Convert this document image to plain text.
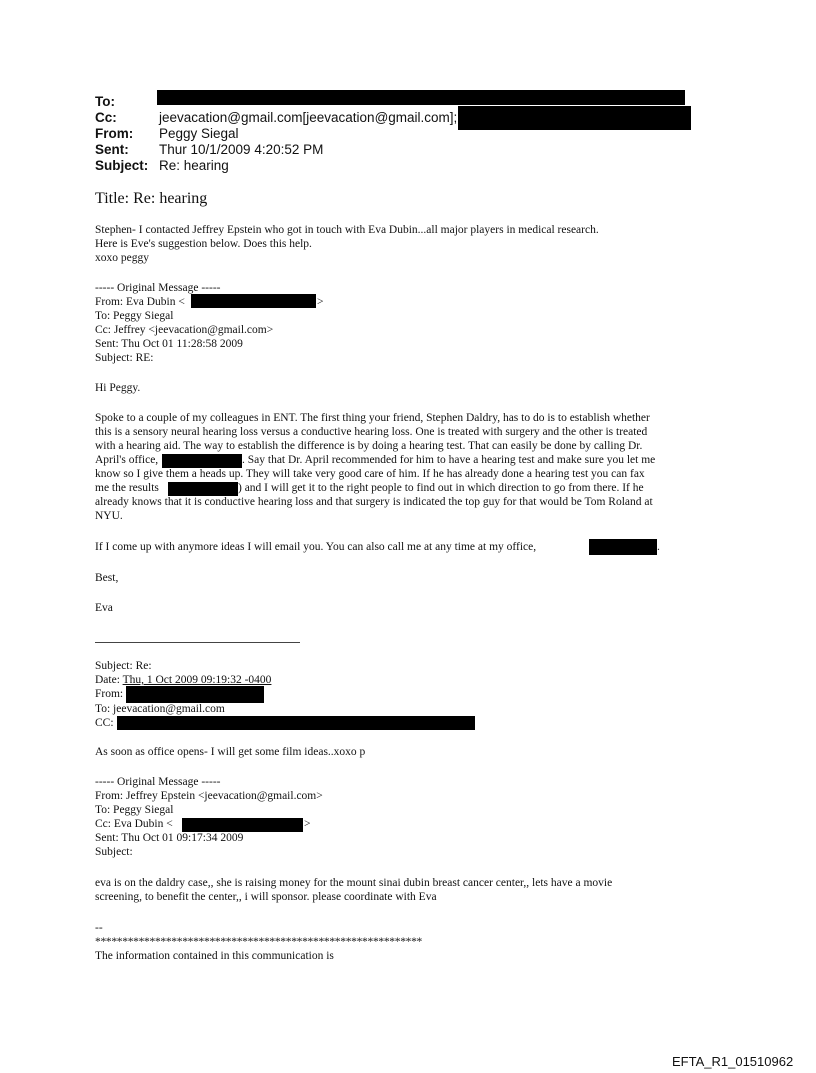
To:
Cc:	jeevacation@gmail.com[jeevacation@gmail.com];
From: Peggy Siegal
Sent: Thur 10/1/2009 4:20:52 PM
Subject: Re: hearing
Title: Re: hearing
Stephen- I contacted Jeffrey Epstein who got in touch with Eva Dubin...all major players in medical research.
Here is Eve's suggestion below. Does this help.
xoxo peggy
----- Original Message -----
From: Eva Dubin <	>
To: Peggy Siegal
Cc: Jeffrey <jeevacation@gmail.com>
Sent: Thu Oct 01 11:28:58 2009
Subject: RE:
Hi Peggy.
Spoke to a couple of my colleagues in ENT. The first thing your friend, Stephen Daldry, has to do is to establish whether
this is a sensory neural hearing loss versus a conductive hearing loss. One is treated with surgery and the other is treated
with a hearing aid. The way to establish the difference is by doing a hearing test. That can easily be done by calling Dr.
April's office,	. Say that Dr. April recommended for him to have a hearing test and make sure you let me
know so I give them a heads up. They will take very good care of him. If he has already done a hearing test you can fax
me the results	) and I will get it to the right people to find out in which direction to go from there. If he
already knows that it is conductive hearing loss and that surgery is indicated the top guy for that would be Tom Roland at
NYU.
If I come up with anymore ideas I will email you. You can also call me at any time at my office,	.
Best,
Eva
Subject: Re:
Date: Thu, 1 Oct 2009 09:19:32 -0400
From:
To: jeevacation@gmail.com
CC:
As soon as office opens- I will get some film ideas..xoxo p
----- Original Message -----
From: Jeffrey Epstein <jeevacation@gmail.com>
To: Peggy Siegal
Cc: Eva Dubin <	>
Sent: Thu Oct 01 09:17:34 2009
Subject:
eva is on the daldry case,, she is raising money for the mount sinai dubin breast cancer center,, lets have a movie
screening, to benefit the center,, i will sponsor. please coordinate with Eva
--
************************************************************
The information contained in this communication is
EFTA_R1_01510962
